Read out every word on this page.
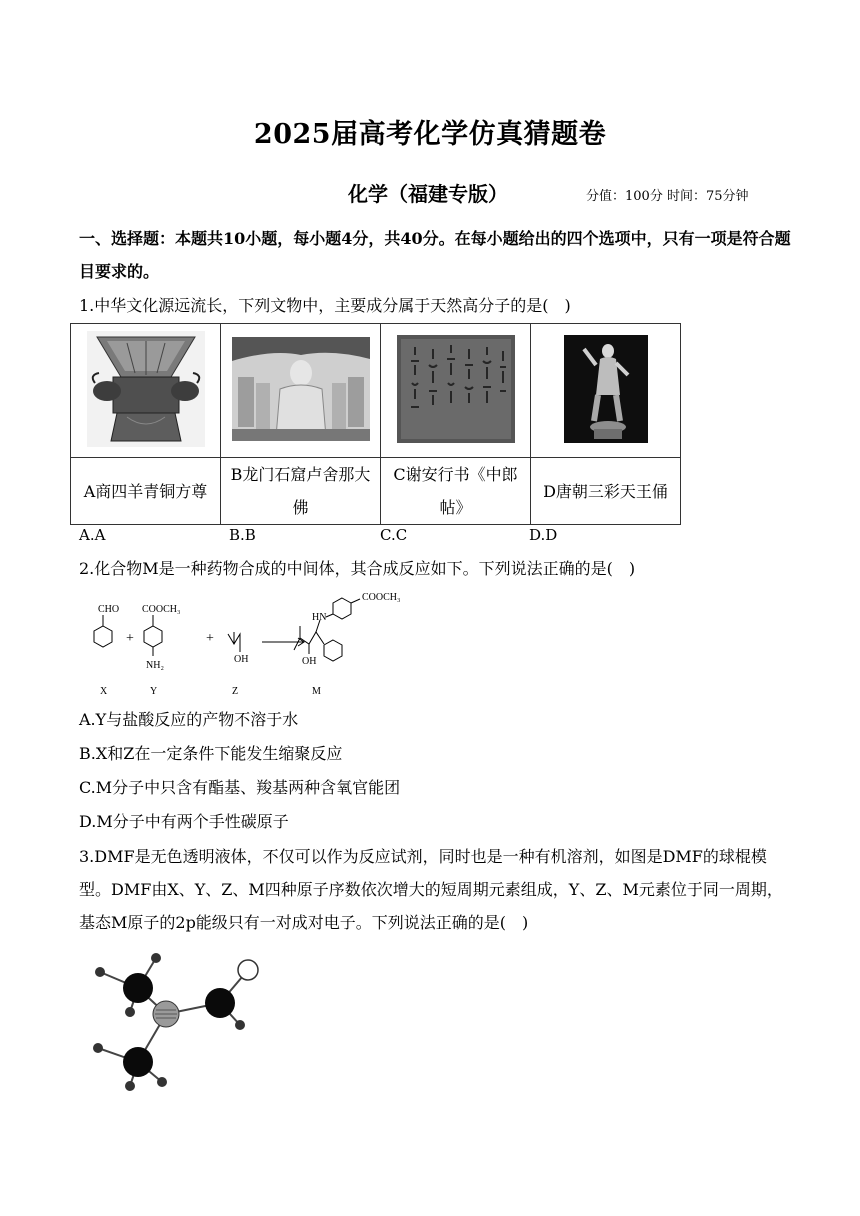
2025届高考化学仿真猜题卷
化学（福建专版）	分值：100分 时间：75分钟
一、选择题：本题共10小题，每小题4分，共40分。在每小题给出的四个选项中，只有一项是符合题目要求的。
1.中华文化源远流长，下列文物中，主要成分属于天然高分子的是(　)

A商四羊青铜方尊	B龙门石窟卢舍那大佛	C谢安行书《中郎帖》	D唐朝三彩天王俑
A.A	B.B	C.C	D.D
2.化合物M是一种药物合成的中间体，其合成反应如下。下列说法正确的是(　)
CHO COOCH₃
NH₂
+	+
OH
COOCH₃
HN
OH
X	Y	Z	M
A.Y与盐酸反应的产物不溶于水
B.X和Z在一定条件下能发生缩聚反应
C.M分子中只含有酯基、羧基两种含氧官能团
D.M分子中有两个手性碳原子
3.DMF是无色透明液体，不仅可以作为反应试剂，同时也是一种有机溶剂，如图是DMF的球棍模型。DMF由X、Y、Z、M四种原子序数依次增大的短周期元素组成，Y、Z、M元素位于同一周期，基态M原子的2p能级只有一对成对电子。下列说法正确的是(　)
